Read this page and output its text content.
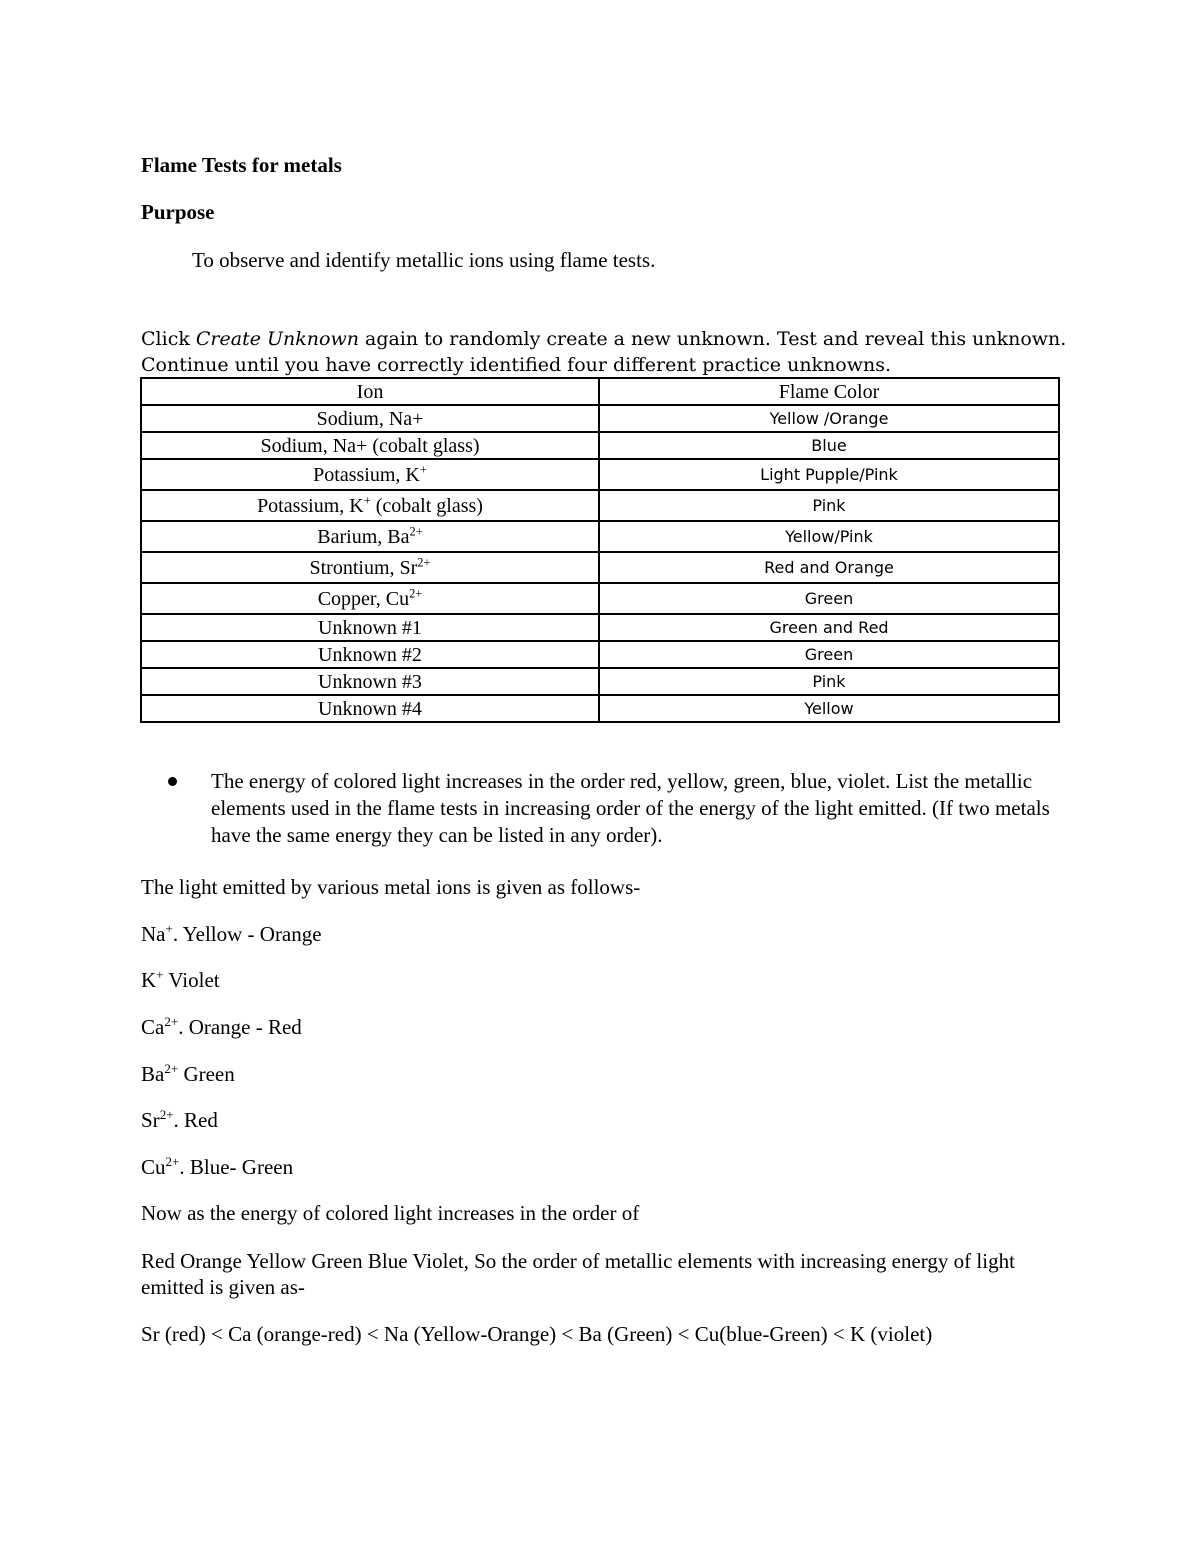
Flame Tests for metals
Purpose
To observe and identify metallic ions using flame tests.
Click Create Unknown again to randomly create a new unknown. Test and reveal this unknown. Continue until you have correctly identified four different practice unknowns.
Ion	Flame Color
Sodium, Na+	Yellow /Orange
Sodium, Na+ (cobalt glass)	Blue
Potassium, K+	Light Pupple/Pink
Potassium, K+ (cobalt glass)	Pink
Barium, $Ba^{2+}$	Yellow/Pink
Strontium, $Sr^{2+}$	Red and Orange
Copper, $Cu^{2+}$	Green
Unknown #1	Green and Red
Unknown #2	Green
Unknown #3	Pink
Unknown #4	Yellow
The energy of colored light increases in the order red, yellow, green, blue, violet. List the metallic elements used in the flame tests in increasing order of the energy of the light emitted. (If two metals have the same energy they can be listed in any order).
The light emitted by various metal ions is given as follows-
Na+. Yellow - Orange
K+ Violet
$Ca^{2+}$. Orange - Red
$Ba^{2+}$ Green
$Sr^{2+}$. Red
$Cu^{2+}$. Blue- Green
Now as the energy of colored light increases in the order of
Red Orange Yellow Green Blue Violet, So the order of metallic elements with increasing energy of light emitted is given as-
Sr (red) < Ca (orange-red) < Na (Yellow-Orange) < Ba (Green) < Cu(blue-Green) < K (violet)
